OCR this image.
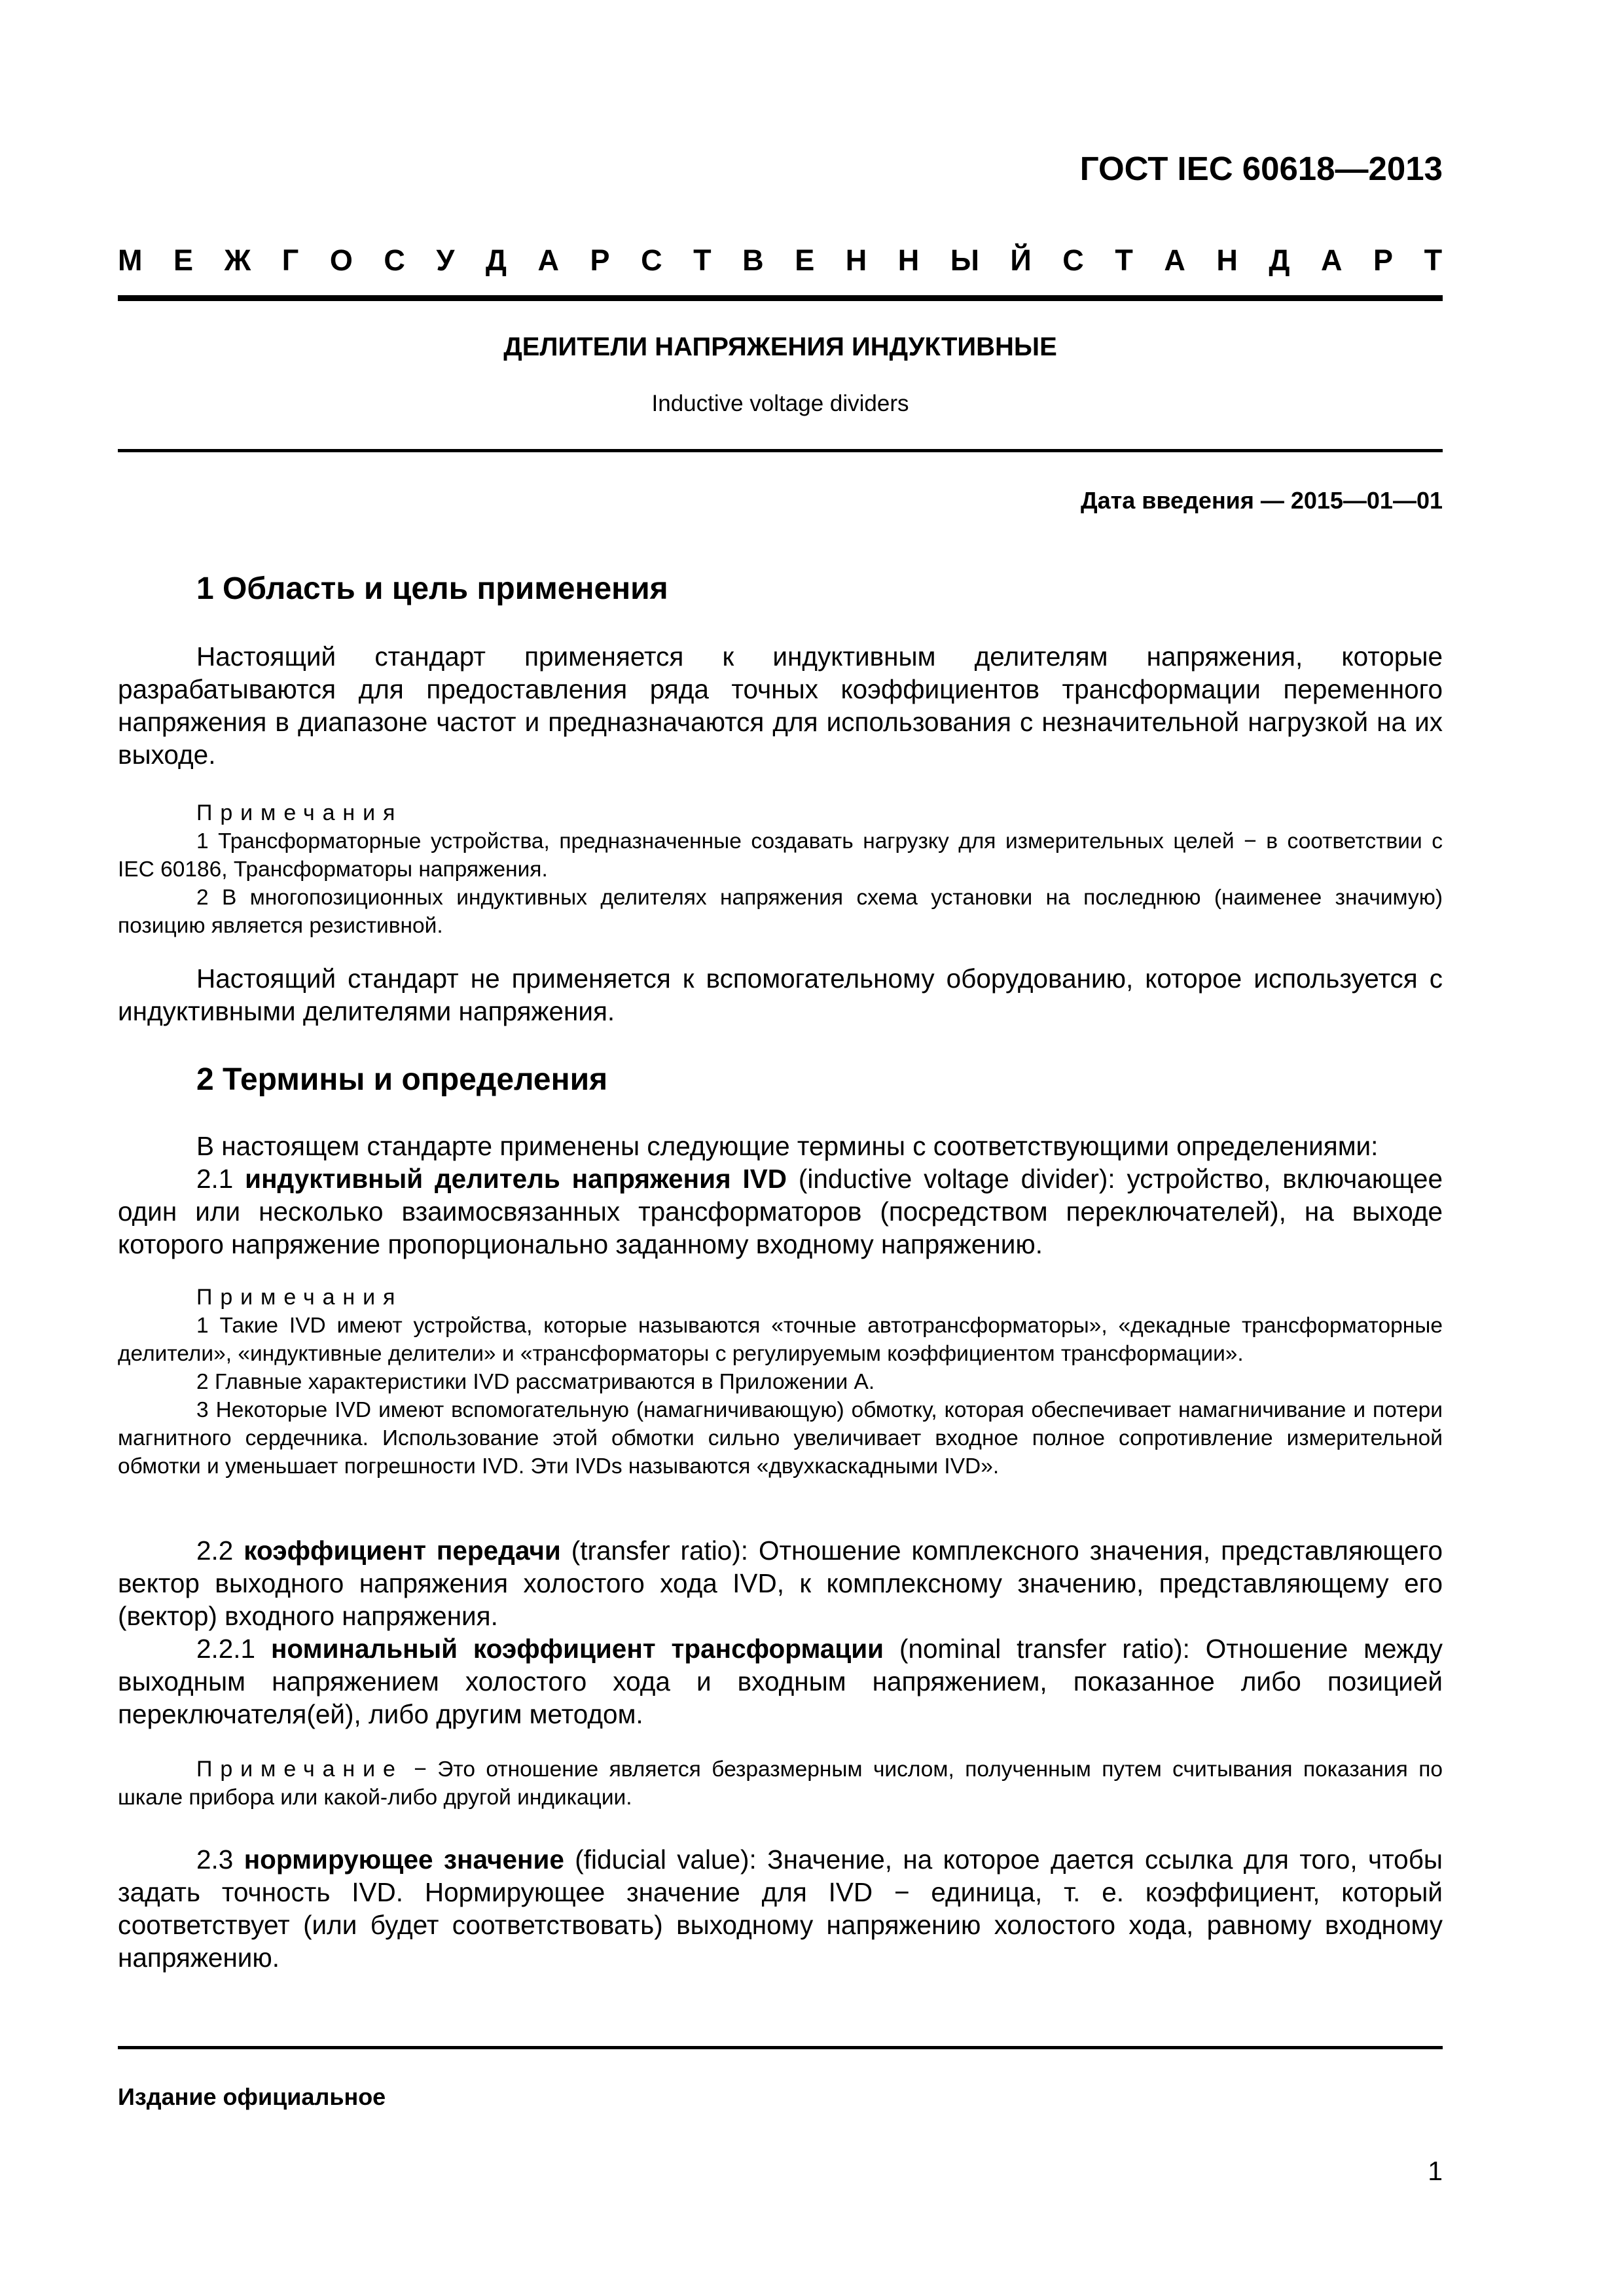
ГОСТ IEC 60618—2013
М Е Ж Г О С У Д А Р С Т В Е Н Н Ы Й С Т А Н Д А Р Т
ДЕЛИТЕЛИ НАПРЯЖЕНИЯ ИНДУКТИВНЫЕ
Inductive voltage dividers
Дата введения — 2015—01—01
1 Область и цель применения

Настоящий стандарт применяется к индуктивным делителям напряжения, которые разрабатываются для предоставления ряда точных коэффициентов трансформации переменного напряжения в диапазоне частот и предназначаются для использования с незначительной нагрузкой на их выходе.

Примечания

1 Трансформаторные устройства, предназначенные создавать нагрузку для измерительных целей − в соответствии с IEC 60186, Трансформаторы напряжения.

2 В многопозиционных индуктивных делителях напряжения схема установки на последнюю (наименее значимую) позицию является резистивной.

Настоящий стандарт не применяется к вспомогательному оборудованию, которое используется с индуктивными делителями напряжения.

2 Термины и определения

В настоящем стандарте применены следующие термины с соответствующими определениями:

2.1 индуктивный делитель напряжения IVD (inductive voltage divider): устройство, включающее один или несколько взаимосвязанных трансформаторов (посредством переключателей), на выходе которого напряжение пропорционально заданному входному напряжению.

Примечания

1 Такие IVD имеют устройства, которые называются «точные автотрансформаторы», «декадные трансформаторные делители», «индуктивные делители» и «трансформаторы с регулируемым коэффициентом трансформации».

2 Главные характеристики IVD рассматриваются в Приложении А.

3 Некоторые IVD имеют вспомогательную (намагничивающую) обмотку, которая обеспечивает намагничивание и потери магнитного сердечника. Использование этой обмотки сильно увеличивает входное полное сопротивление измерительной обмотки и уменьшает погрешности IVD. Эти IVDs называются «двухкаскадными IVD».

2.2 коэффициент передачи (transfer ratio): Отношение комплексного значения, представляющего вектор выходного напряжения холостого хода IVD, к комплексному значению, представляющему его (вектор) входного напряжения.

2.2.1 номинальный коэффициент трансформации (nominal transfer ratio): Отношение между выходным напряжением холостого хода и входным напряжением, показанное либо позицией переключателя(ей), либо другим методом.

Примечание − Это отношение является безразмерным числом, полученным путем считывания показания по шкале прибора или какой-либо другой индикации.

2.3 нормирующее значение (fiducial value): Значение, на которое дается ссылка для того, чтобы задать точность IVD. Нормирующее значение для IVD − единица, т. е. коэффициент, который соответствует (или будет соответствовать) выходному напряжению холостого хода, равному входному напряжению.

Издание официальное
1
